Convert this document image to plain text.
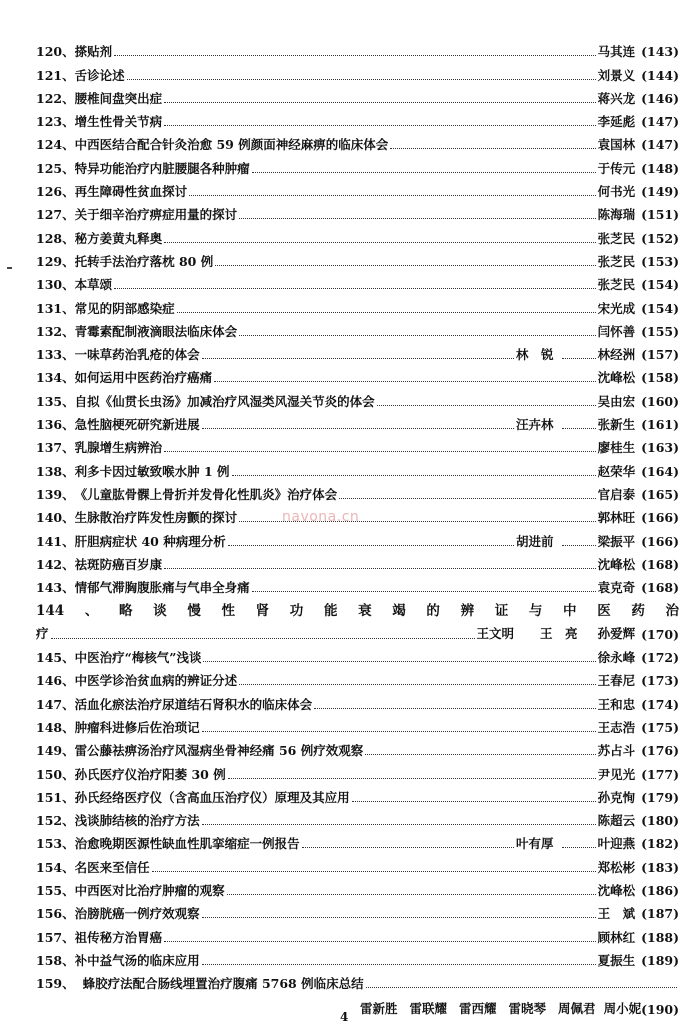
120、 搽贴剂	马其连 (143)
121、 舌诊论述	刘景义 (144)
122、 腰椎间盘突出症	蒋兴龙 (146)
123、 增生性骨关节病	李延彪 (147)
124、 中西医结合配合针灸治愈 59 例颜面神经麻痹的临床体会	袁国林 (147)
125、 特异功能治疗内脏腰腿各种肿瘤	于传元 (148)
126、 再生障碍性贫血探讨	何书光 (149)
127、 关于细辛治疗痹症用量的探讨	陈海瑞 (151)
128、 秘方姜黄丸释奥	张芝民 (152)
129、 托转手法治疗落枕 80 例	张芝民 (153)
130、 本草颂	张芝民 (154)
131、 常见的阴部感染症	宋光成 (154)
132、 青霉素配制液滴眼法临床体会	闫怀善 (155)
133、 一味草药治乳疮的体会	林　锐	林经洲 (157)
134、 如何运用中医药治疗癌痛	沈峰松 (158)
135、 自拟《仙贯长虫汤》加减治疗风湿类风湿关节炎的体会	吴由宏 (160)
136、 急性脑梗死研究新进展	汪卉林	张新生 (161)
137、 乳腺增生病辨治	廖桂生 (163)
138、 利多卡因过敏致喉水肿 1 例	赵荣华 (164)
139、 《儿童肱骨髁上骨折并发骨化性肌炎》治疗体会	官启泰 (165)
140、 生脉散治疗阵发性房颤的探讨	郭林旺 (166)
141、 肝胆病症状 40 种病理分析	胡进前	梁振平 (166)
142、 祛斑防癌百岁康	沈峰松 (168)
143、 情郁气滞胸腹胀痛与气串全身痛	袁克奇 (168)
144 、 略 谈 慢 性 肾 功 能 衰 竭 的 辨 证 与 中 医 药 治
疗	王文明 王　亮 孙爱辉 (170)
145、 中医治疗“梅核气”浅谈	徐永峰 (172)
146、 中医学诊治贫血病的辨证分述	王春尼 (173)
147、 活血化瘀法治疗尿道结石肾积水的临床体会	王和忠 (174)
148、 肿瘤科进修后佐治琐记	王志浩 (175)
149、 雷公藤祛痹汤治疗风湿病坐骨神经痛 56 例疗效观察	苏占斗 (176)
150、 孙氏医疗仪治疗阳萎 30 例	尹见光 (177)
151、 孙氏经络医疗仪（含高血压治疗仪）原理及其应用	孙克恂 (179)
152、 浅谈肺结核的治疗方法	陈超云 (180)
153、 治愈晚期医源性缺血性肌挛缩症一例报告	叶有厚	叶迎燕 (182)
154、 名医来至信任	郑松彬 (183)
155、 中西医对比治疗肿瘤的观察	沈峰松 (186)
156、 治膀胱癌一例疗效观察	王　斌 (187)
157、 祖传秘方治胃癌	顾林红 (188)
158、 补中益气汤的临床应用	夏振生 (189)
159、 蜂胶疗法配合肠线埋置治疗腹痛 5768 例临床总结
雷新胜 雷联耀 雷西耀 雷晓琴 周佩君 周小妮 (190)
navona.cn
4
